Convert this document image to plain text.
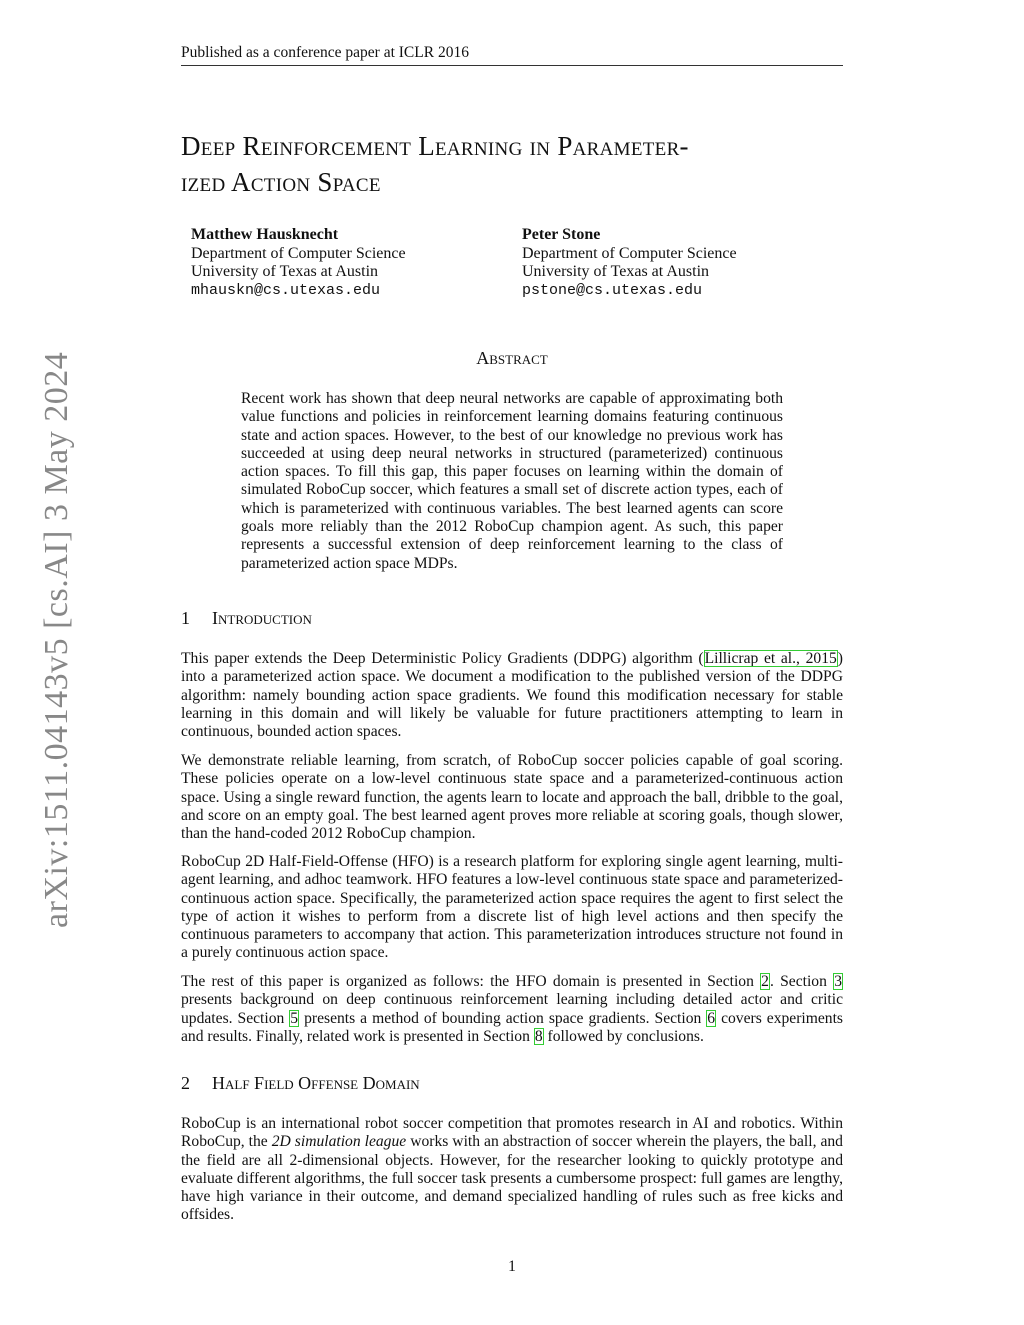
Published as a conference paper at ICLR 2016
arXiv:1511.04143v5 [cs.AI] 3 May 2024
Deep Reinforcement Learning in Parameter-
ized Action Space
Matthew Hausknecht
Department of Computer Science
University of Texas at Austin
mhauskn@cs.utexas.edu
Peter Stone
Department of Computer Science
University of Texas at Austin
pstone@cs.utexas.edu
Abstract

Recent work has shown that deep neural networks are capable of approximating both value functions and policies in reinforcement learning domains featuring continuous state and action spaces. However, to the best of our knowledge no previous work has succeeded at using deep neural networks in structured (parameterized) continuous action spaces. To fill this gap, this paper focuses on learning within the domain of simulated RoboCup soccer, which features a small set of discrete action types, each of which is parameterized with continuous variables. The best learned agents can score goals more reliably than the 2012 RoboCup champion agent. As such, this paper represents a successful extension of deep reinforcement learning to the class of parameterized action space MDPs.

1 Introduction

This paper extends the Deep Deterministic Policy Gradients (DDPG) algorithm (Lillicrap et al., 2015) into a parameterized action space. We document a modification to the published version of the DDPG algorithm: namely bounding action space gradients. We found this modification necessary for stable learning in this domain and will likely be valuable for future practitioners attempting to learn in continuous, bounded action spaces.

We demonstrate reliable learning, from scratch, of RoboCup soccer policies capable of goal scoring. These policies operate on a low-level continuous state space and a parameterized-continuous action space. Using a single reward function, the agents learn to locate and approach the ball, dribble to the goal, and score on an empty goal. The best learned agent proves more reliable at scoring goals, though slower, than the hand-coded 2012 RoboCup champion.

RoboCup 2D Half-Field-Offense (HFO) is a research platform for exploring single agent learning, multi-agent learning, and adhoc teamwork. HFO features a low-level continuous state space and parameterized-continuous action space. Specifically, the parameterized action space requires the agent to first select the type of action it wishes to perform from a discrete list of high level actions and then specify the continuous parameters to accompany that action. This parameterization introduces structure not found in a purely continuous action space.

The rest of this paper is organized as follows: the HFO domain is presented in Section 2. Section 3 presents background on deep continuous reinforcement learning including detailed actor and critic updates. Section 5 presents a method of bounding action space gradients. Section 6 covers experiments and results. Finally, related work is presented in Section 8 followed by conclusions.

2 Half Field Offense Domain

RoboCup is an international robot soccer competition that promotes research in AI and robotics. Within RoboCup, the 2D simulation league works with an abstraction of soccer wherein the players, the ball, and the field are all 2-dimensional objects. However, for the researcher looking to quickly prototype and evaluate different algorithms, the full soccer task presents a cumbersome prospect: full games are lengthy, have high variance in their outcome, and demand specialized handling of rules such as free kicks and offsides.

1
